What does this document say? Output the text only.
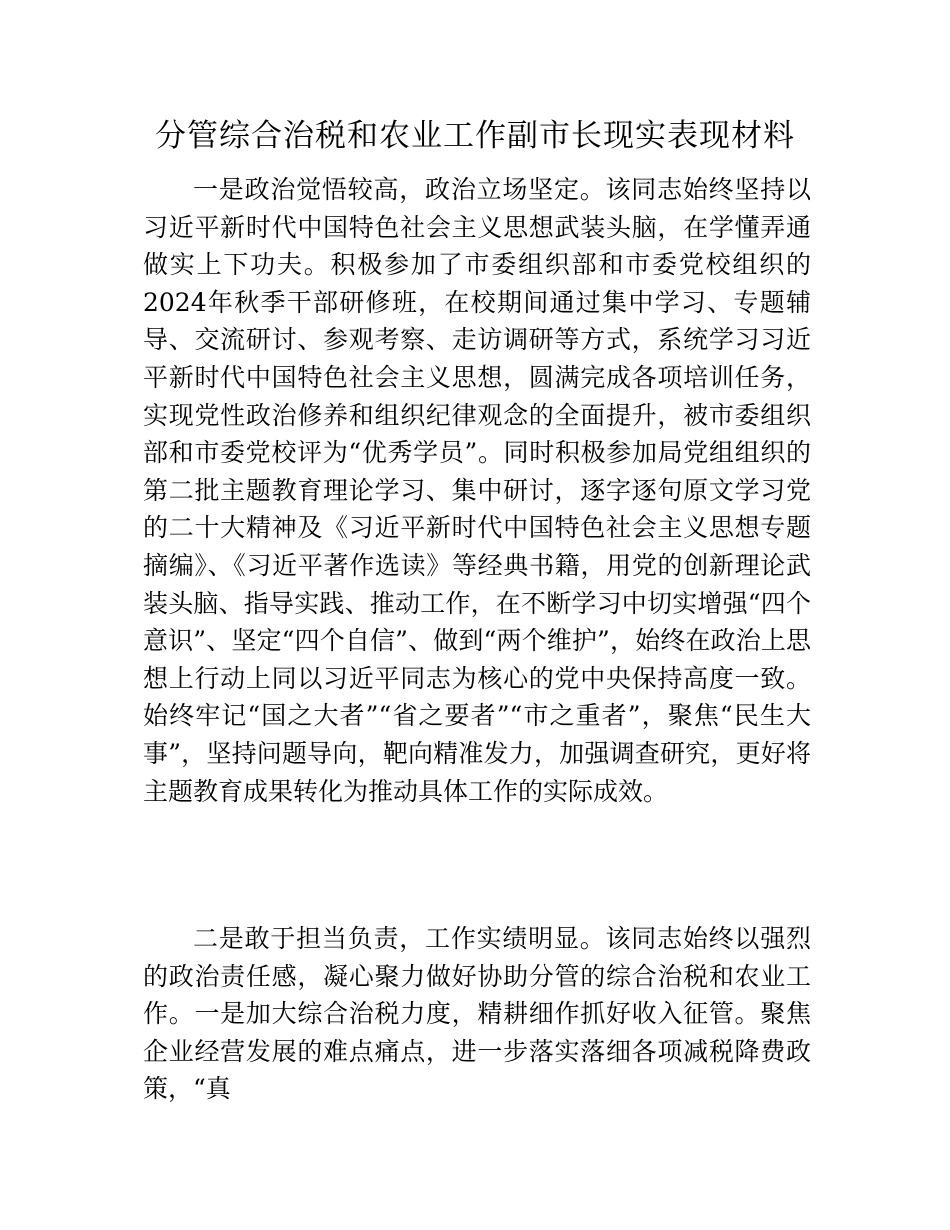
分管综合治税和农业工作副市长现实表现材料

一是政治觉悟较高，政治立场坚定。该同志始终坚持以习近平新时代中国特色社会主义思想武装头脑，在学懂弄通做实上下功夫。积极参加了市委组织部和市委党校组织的2024年秋季干部研修班，在校期间通过集中学习、专题辅导、交流研讨、参观考察、走访调研等方式，系统学习习近平新时代中国特色社会主义思想，圆满完成各项培训任务，实现党性政治修养和组织纪律观念的全面提升，被市委组织部和市委党校评为“优秀学员”。同时积极参加局党组组织的第二批主题教育理论学习、集中研讨，逐字逐句原文学习党的二十大精神及《习近平新时代中国特色社会主义思想专题摘编》、《习近平著作选读》等经典书籍，用党的创新理论武装头脑、指导实践、推动工作，在不断学习中切实增强“四个意识”、坚定“四个自信”、做到“两个维护”，始终在政治上思想上行动上同以习近平同志为核心的党中央保持高度一致。始终牢记“国之大者”“省之要者”“市之重者”，聚焦“民生大事”，坚持问题导向，靶向精准发力，加强调查研究，更好将主题教育成果转化为推动具体工作的实际成效。

二是敢于担当负责，工作实绩明显。该同志始终以强烈的政治责任感，凝心聚力做好协助分管的综合治税和农业工作。一是加大综合治税力度，精耕细作抓好收入征管。聚焦企业经营发展的难点痛点，进一步落实落细各项减税降费政策，“真
